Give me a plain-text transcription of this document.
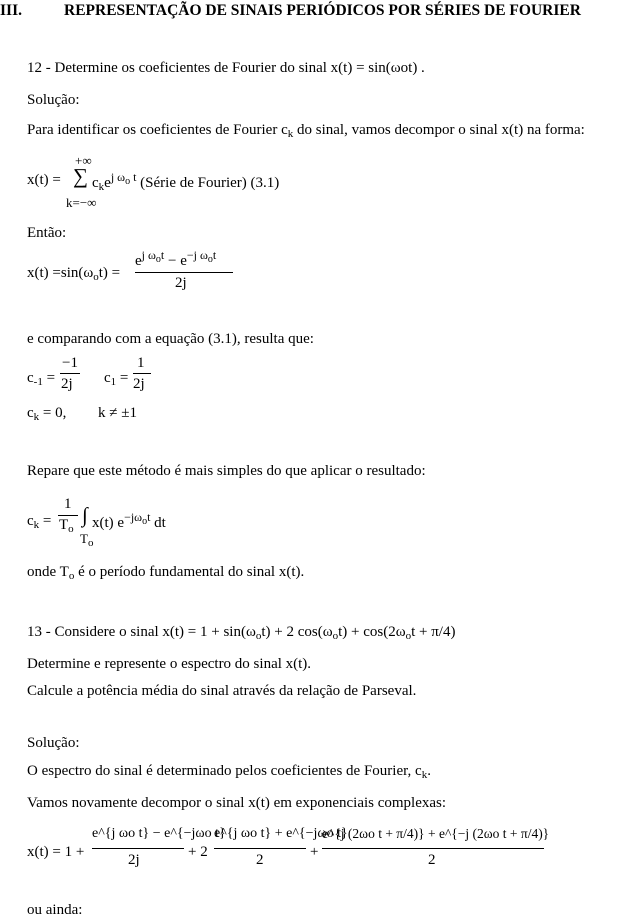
III.	REPRESENTAÇÃO DE SINAIS PERIÓDICOS POR SÉRIES DE FOURIER
12 - Determine os coeficientes de Fourier do sinal x(t) = sin(ωot) .
Solução:
Para identificar os coeficientes de Fourier $c_k$ do sinal, vamos decompor o sinal x(t) na forma:
+∞
x(t) = ∑ $c_ke^{j \omega_o t}$ (Série de Fourier) (3.1)
k=−∞
Então:
$x(t) =\sin(\omega_ot)$ =
$e^{j \omega_ot} - e^{-j \omega_ot}$
2j
e comparando com a equação (3.1), resulta que:
$c_{-1}$ =
−1
2j $c_1$ =
1
2j
$c_k = 0$, k ≠ ±1
Repare que este método é mais simples do que aplicar o resultado:
$c_k$ =
1
$T_o$
∫ x(t) $e^{-j\omega_ot}$ dt
$T_o$
onde $T_o$ é o período fundamental do sinal x(t).
13 - Considere o sinal $x(t) = 1 + \sin(\omega_ot) + 2$ $\cos(\omega_ot) + \cos(2\omega_ot + \pi/4)$
Determine e represente o espectro do sinal x(t).
Calcule a potência média do sinal através da relação de Parseval.
Solução:
O espectro do sinal é determinado pelos coeficientes de Fourier, $c_k$.
Vamos novamente decompor o sinal x(t) em exponenciais complexas:
x(t) = 1 +
e^{j ωo t} − e^{−jωo t}
2j	+ 2
e^{j ωo t} + e^{−jωo t}
2	+
e^{j (2ωo t + π/4)} + e^{−j (2ωo t + π/4)}
2
ou ainda:
